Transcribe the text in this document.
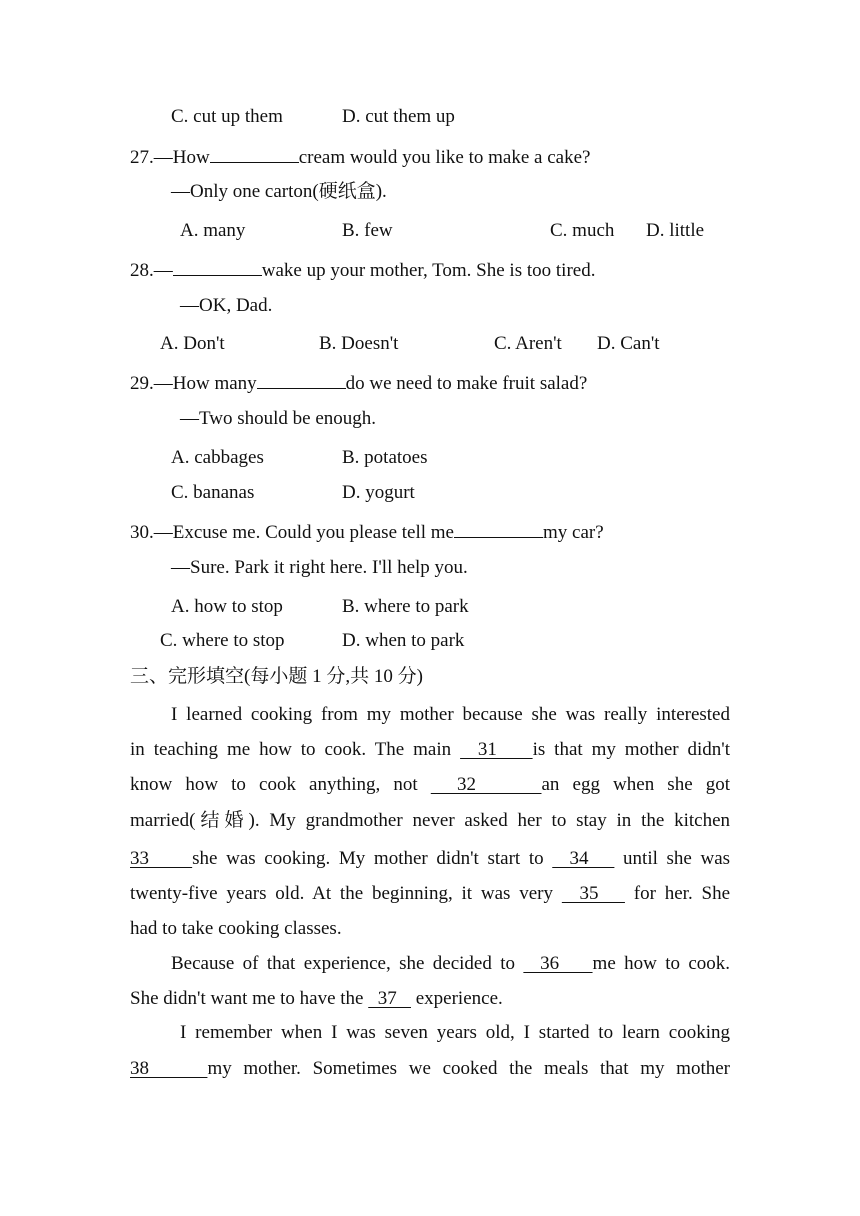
C. cut up them	D. cut them up
27.—How	cream would you like to make a cake?
—Only one carton(硬纸盒).
A. many	B. few	C. much D. little
28.—	wake up your mother, Tom. She is too tired.
—OK, Dad.
A. Don't	B. Doesn't	C. Aren't D. Can't
29.—How many	do we need to make fruit salad?
—Two should be enough.
A. cabbages	B. potatoes
C. bananas	D. yogurt
30.—Excuse me. Could you please tell me	my car?
—Sure. Park it right here. I'll help you.
A. how to stop	B. where to park
C. where to stop	D. when to park
三、完形填空(每小题 1 分,共 10 分)
I learned cooking from my mother because she was really interested
in teaching me how to cook. The main   31    is that my mother didn't
know how to cook anything, not   32     an egg when she got
married(结婚). My grandmother never asked her to stay in the kitchen
33     she was cooking. My mother didn't start to   34    until she was
twenty-five years old. At the beginning, it was very   35    for her. She
had to take cooking classes.
Because of that experience, she decided to   36    me how to cook.
She didn't want me to have the   37    experience.
I remember when I was seven years old, I started to learn cooking
38     my mother. Sometimes we cooked the meals that my mother
